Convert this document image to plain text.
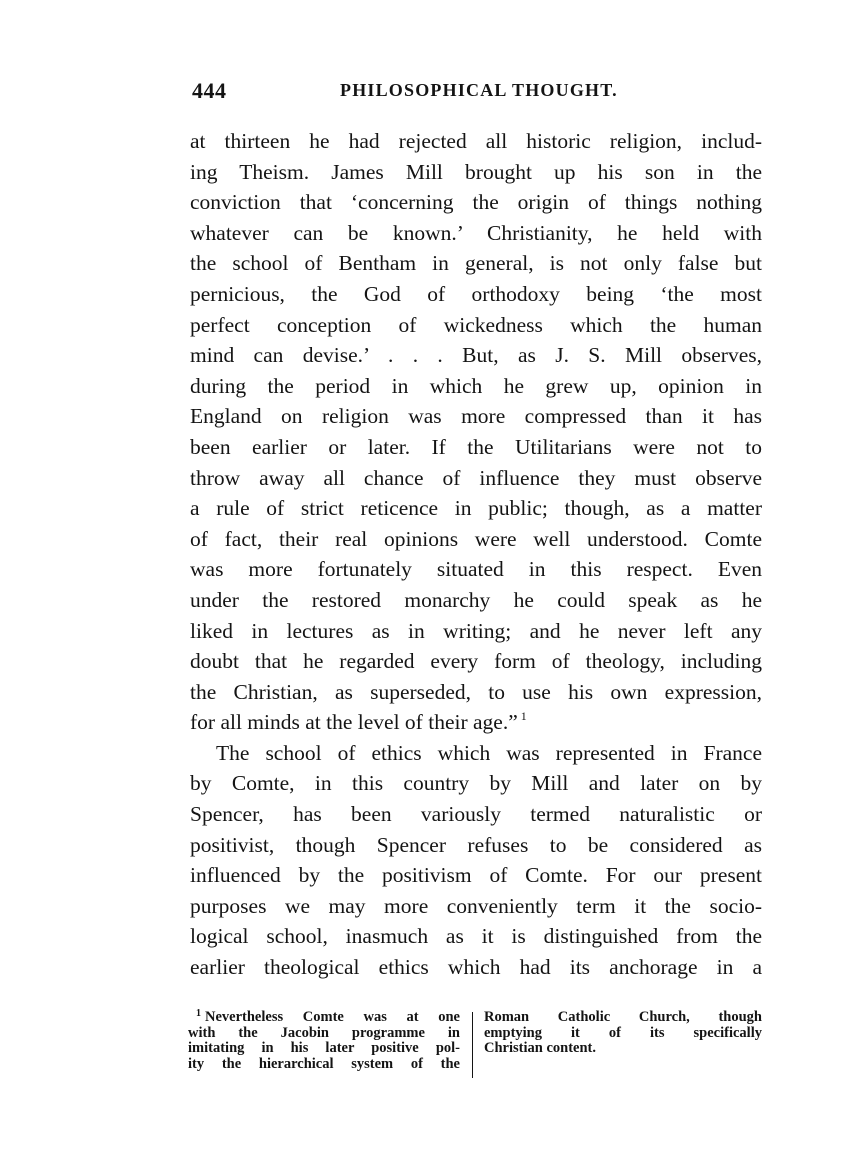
444	PHILOSOPHICAL THOUGHT.
at thirteen he had rejected all historic religion, includ-
ing Theism. James Mill brought up his son in the
conviction that ‘concerning the origin of things nothing
whatever can be known.’ Christianity, he held with
the school of Bentham in general, is not only false but
pernicious, the God of orthodoxy being ‘the most
perfect conception of wickedness which the human
mind can devise.’ . . . But, as J. S. Mill observes,
during the period in which he grew up, opinion in
England on religion was more compressed than it has
been earlier or later. If the Utilitarians were not to
throw away all chance of influence they must observe
a rule of strict reticence in public; though, as a matter
of fact, their real opinions were well understood. Comte
was more fortunately situated in this respect. Even
under the restored monarchy he could speak as he
liked in lectures as in writing; and he never left any
doubt that he regarded every form of theology, including
the Christian, as superseded, to use his own expression,
for all minds at the level of their age.” $^1$
The school of ethics which was represented in France
by Comte, in this country by Mill and later on by
Spencer, has been variously termed naturalistic or
positivist, though Spencer refuses to be considered as
influenced by the positivism of Comte. For our present
purposes we may more conveniently term it the socio-
logical school, inasmuch as it is distinguished from the
earlier theological ethics which had its anchorage in a
$^1$ Nevertheless Comte was at one
with the Jacobin programme in
imitating in his later positive pol-
ity the hierarchical system of the
Roman Catholic Church, though
emptying it of its specifically
Christian content.
